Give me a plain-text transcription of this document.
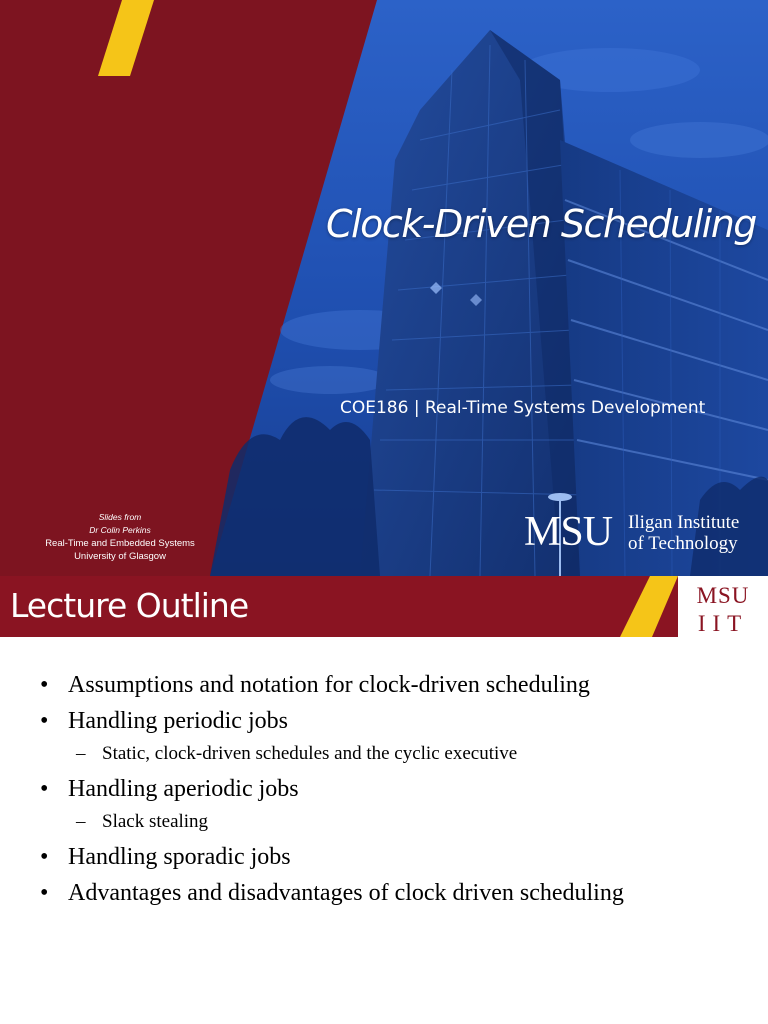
Clock-Driven Scheduling
COE186 | Real-Time Systems Development
Slides from
Dr Colin Perkins
Real-Time and Embedded Systems
University of Glasgow
MSU Iligan Institute
of Technology
Lecture Outline	MSU
IIT
• Assumptions and notation for clock-driven scheduling
• Handling periodic jobs
– Static, clock-driven schedules and the cyclic executive
• Handling aperiodic jobs
– Slack stealing
• Handling sporadic jobs
• Advantages and disadvantages of clock driven scheduling
